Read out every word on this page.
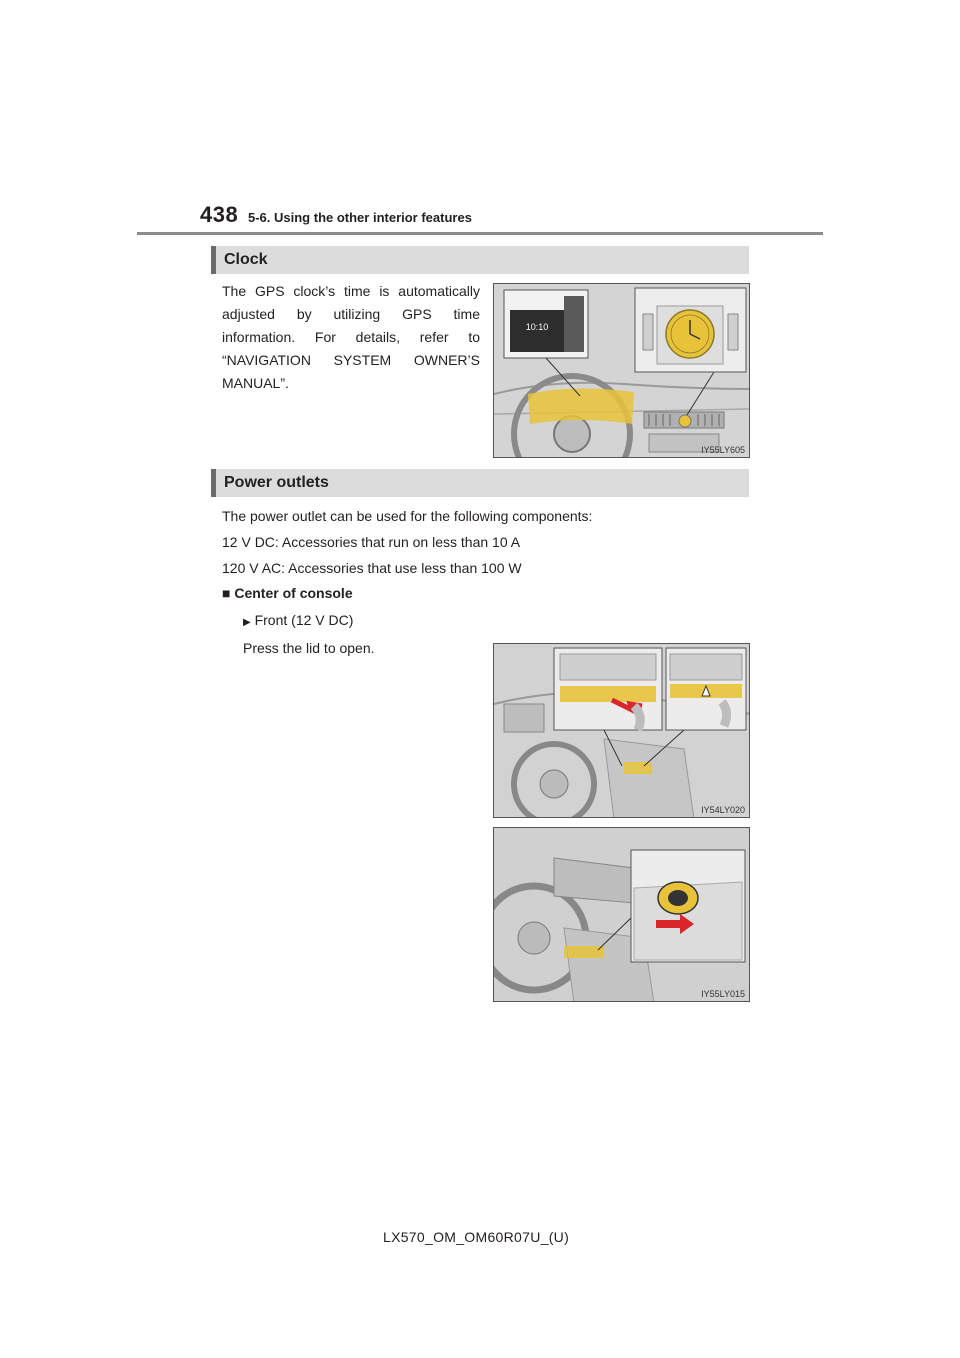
438 5-6. Using the other interior features
Clock
The GPS clock’s time is automatically adjusted by utilizing GPS time information. For details, refer to “NAVIGATION SYSTEM OWNER’S MANUAL”.
10:10
IY55LY605
Power outlets
The power outlet can be used for the following components:
12 V DC: Accessories that run on less than 10 A
120 V AC: Accessories that use less than 100 W
■ Center of console
▶ Front (12 V DC)
Press the lid to open.
IY54LY020
IY55LY015
LX570_OM_OM60R07U_(U)
